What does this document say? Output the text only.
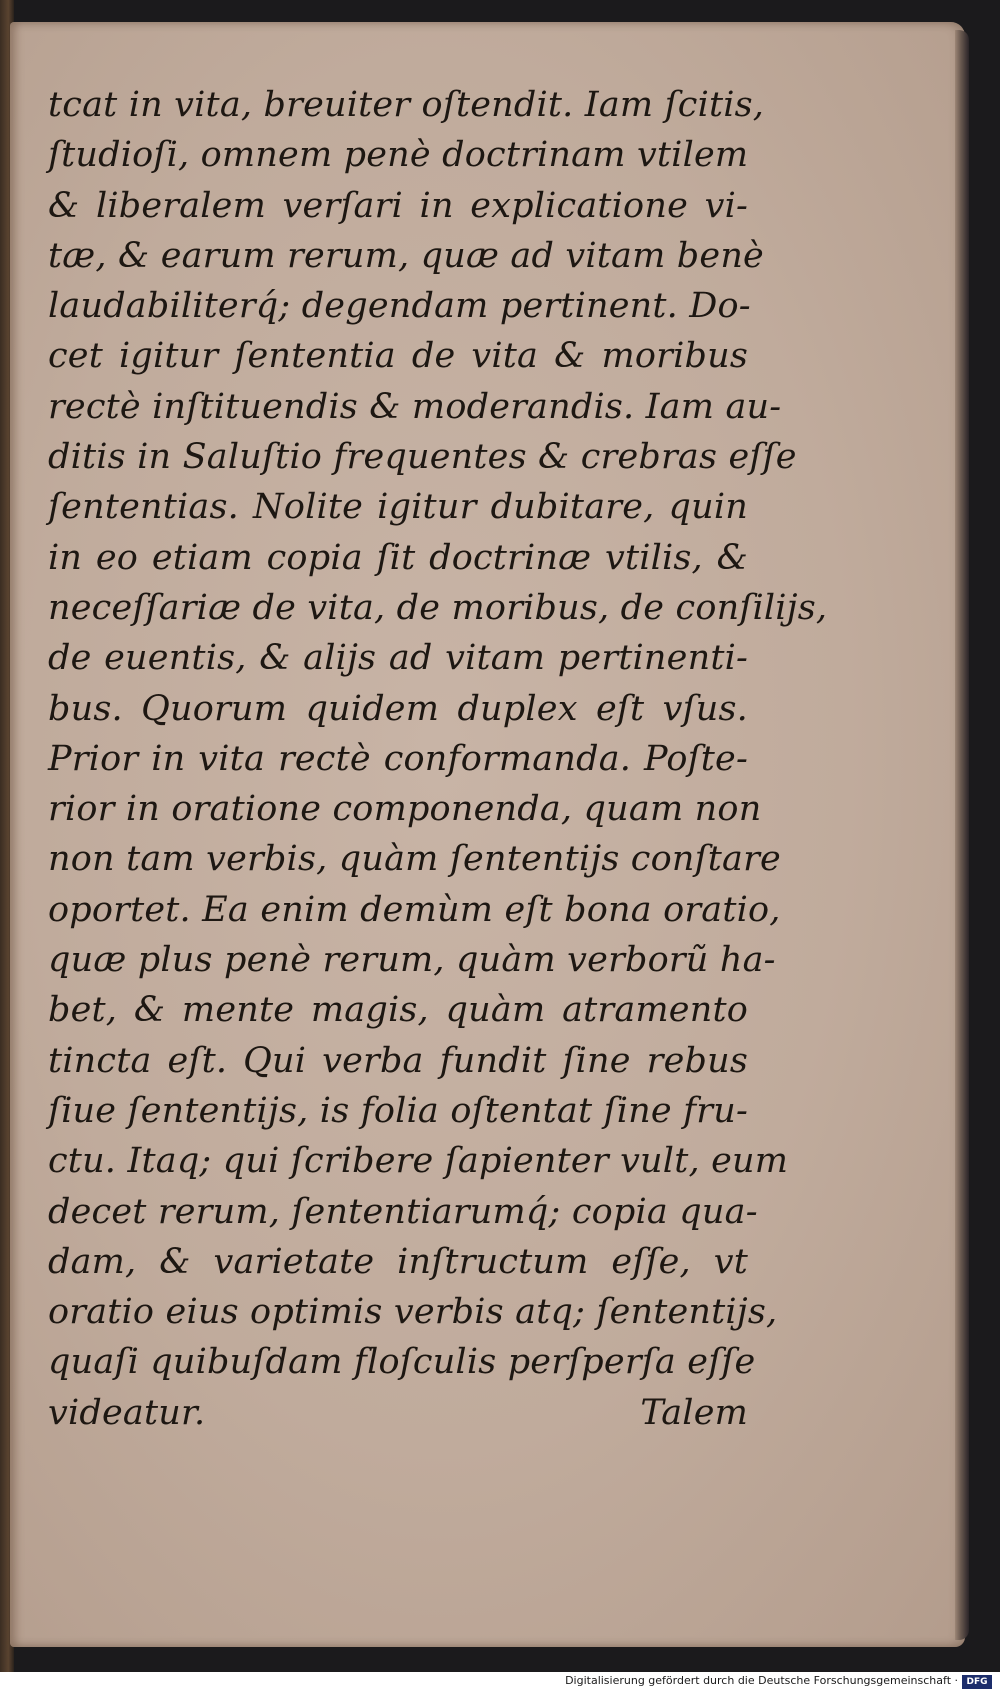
tcat in vita, breuiter oſtendit. Iam ſcitis,
ſtudioſi, omnem penè doctrinam vtilem
& liberalem verſari in explicatione vi-
tæ, & earum rerum, quæ ad vitam benè
laudabiliterq́; degendam pertinent. Do-
cet igitur ſententia de vita & moribus
rectè inſtituendis & moderandis. Iam au-
ditis in Saluſtio frequentes & crebras eſſe
ſententias. Nolite igitur dubitare, quin
in eo etiam copia ſit doctrinæ vtilis, &
neceſſariæ de vita, de moribus, de conſilijs,
de euentis, & alijs ad vitam pertinenti-
bus. Quorum quidem duplex eſt vſus.
Prior in vita rectè conformanda. Poſte-
rior in oratione componenda, quam non
non tam verbis, quàm ſententijs conſtare
oportet. Ea enim demùm eſt bona oratio,
quæ plus penè rerum, quàm verborũ ha-
bet, & mente magis, quàm atramento
tincta eſt. Qui verba fundit ſine rebus
ſiue ſententijs, is folia oſtentat ſine fru-
ctu. Itaq; qui ſcribere ſapienter vult, eum
decet rerum, ſententiarumq́; copia qua-
dam, & varietate inſtructum eſſe, vt
oratio eius optimis verbis atq; ſententijs,
quaſi quibuſdam floſculis perſperſa eſſe
videatur.	Talem
Digitalisierung gefördert durch die Deutsche Forschungsgemeinschaft · DFG
